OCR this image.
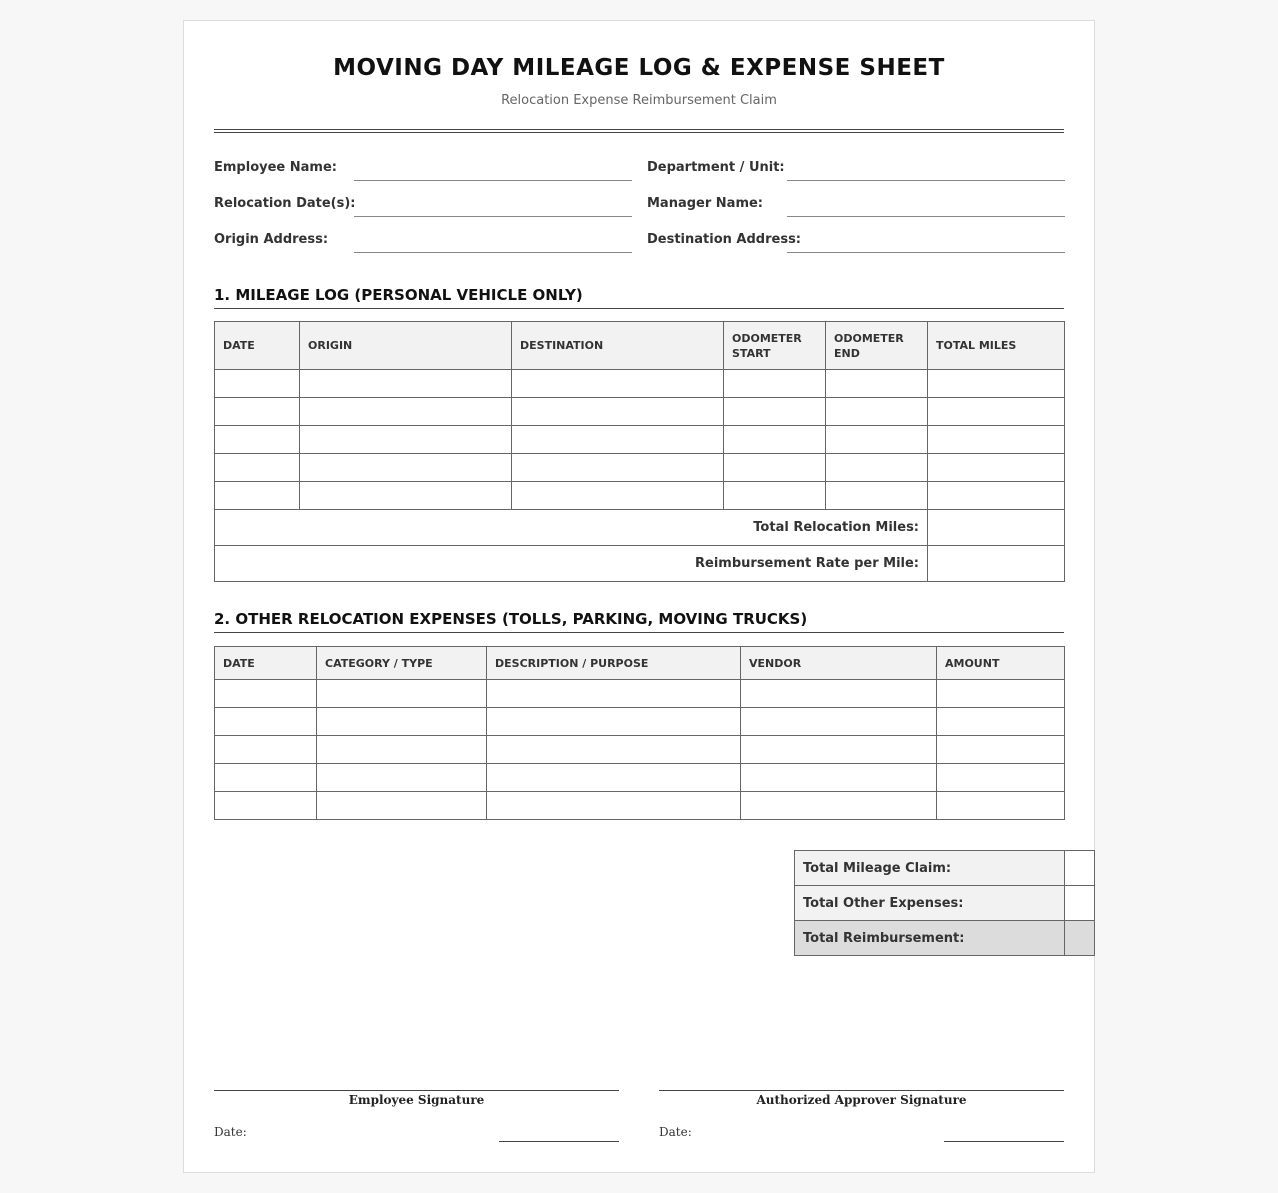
MOVING DAY MILEAGE LOG & EXPENSE SHEET
Relocation Expense Reimbursement Claim
Employee Name:	Department / Unit:
Relocation Date(s):	Manager Name:
Origin Address:	Destination Address:
1. MILEAGE LOG (PERSONAL VEHICLE ONLY)
DATE	ORIGIN	DESTINATION	ODOMETER START	ODOMETER END	TOTAL MILES

Total Relocation Miles:					
Reimbursement Rate per Mile:					
2. OTHER RELOCATION EXPENSES (TOLLS, PARKING, MOVING TRUCKS)
DATE	CATEGORY / TYPE	DESCRIPTION / PURPOSE	VENDOR	AMOUNT

Total Mileage Claim:	
Total Other Expenses:	
Total Reimbursement:	
Employee Signature
Date:
Authorized Approver Signature
Date:
